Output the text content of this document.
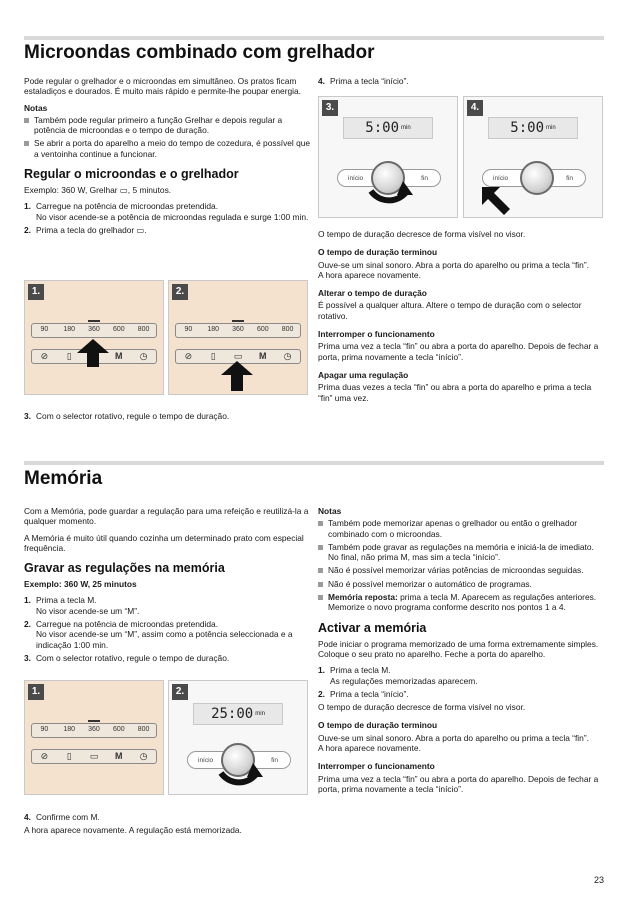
Microondas combinado com grelhador

Pode regular o grelhador e o microondas em simultâneo. Os pratos ficam estaladiços e dourados. É muito mais rápido e permite-lhe poupar energia.

Notas
Também pode regular primeiro a função Grelhar e depois regular a potência de microondas e o tempo de duração.
Se abrir a porta do aparelho a meio do tempo de cozedura, é possível que a ventoinha continue a funcionar.
Regular o microondas e o grelhador

Exemplo: 360 W, Grelhar ▭, 5 minutos.

1. Carregue na potência de microondas pretendida.
No visor acende-se a potência de microondas regulada e surge 1:00 min.
2. Prima a tecla do grelhador ▭.
1.
90	180	360	600	800
⊘	▯	M	◷
2.
90	180	360	600	800
⊘	▯	▭	M	◷
3. Com o selector rotativo, regule o tempo de duração.
4. Prima a tecla “início”.
3.
5:00 $^{min}$
início	fin
4.
5:00 $^{min}$
início	fin

O tempo de duração decresce de forma visível no visor.

O tempo de duração terminou

Ouve-se um sinal sonoro. Abra a porta do aparelho ou prima a tecla “fin”.

A hora aparece novamente.

Alterar o tempo de duração

É possível a qualquer altura. Altere o tempo de duração com o selector rotativo.

Interromper o funcionamento

Prima uma vez a tecla “fin” ou abra a porta do aparelho. Depois de fechar a porta, prima novamente a tecla “início”.

Apagar uma regulação

Prima duas vezes a tecla “fin” ou abra a porta do aparelho e prima a tecla “fin” uma vez.

Memória

Com a Memória, pode guardar a regulação para uma refeição e reutilizá-la a qualquer momento.

A Memória é muito útil quando cozinha um determinado prato com especial frequência.

Gravar as regulações na memória

Exemplo: 360 W, 25 minutos

1. Prima a tecla M.
No visor acende-se um “M”.
2. Carregue na potência de microondas pretendida.
No visor acende-se um “M”, assim como a potência seleccionada e a indicação 1:00 min.
3. Com o selector rotativo, regule o tempo de duração.
1.
90	180	360	600	800
⊘	▯	▭	M	◷
2.
25:00 $^{min}$
início	fin
4. Confirme com M.

A hora aparece novamente. A regulação está memorizada.

Notas
Também pode memorizar apenas o grelhador ou então o grelhador combinado com o microondas.
Também pode gravar as regulações na memória e iniciá-la de imediato. No final, não prima M, mas sim a tecla “início”.
Não é possível memorizar várias potências de microondas seguidas.
Não é possível memorizar o automático de programas.
Memória reposta: prima a tecla M. Aparecem as regulações anteriores. Memorize o novo programa conforme descrito nos pontos 1 a 4.
Activar a memória

Pode iniciar o programa memorizado de uma forma extremamente simples. Coloque o seu prato no aparelho. Feche a porta do aparelho.

1. Prima a tecla M.
As regulações memorizadas aparecem.
2. Prima a tecla “início”.

O tempo de duração decresce de forma visível no visor.

O tempo de duração terminou

Ouve-se um sinal sonoro. Abra a porta do aparelho ou prima a tecla “fin”.

A hora aparece novamente.

Interromper o funcionamento

Prima uma vez a tecla “fin” ou abra a porta do aparelho. Depois de fechar a porta, prima novamente a tecla “início”.

23
